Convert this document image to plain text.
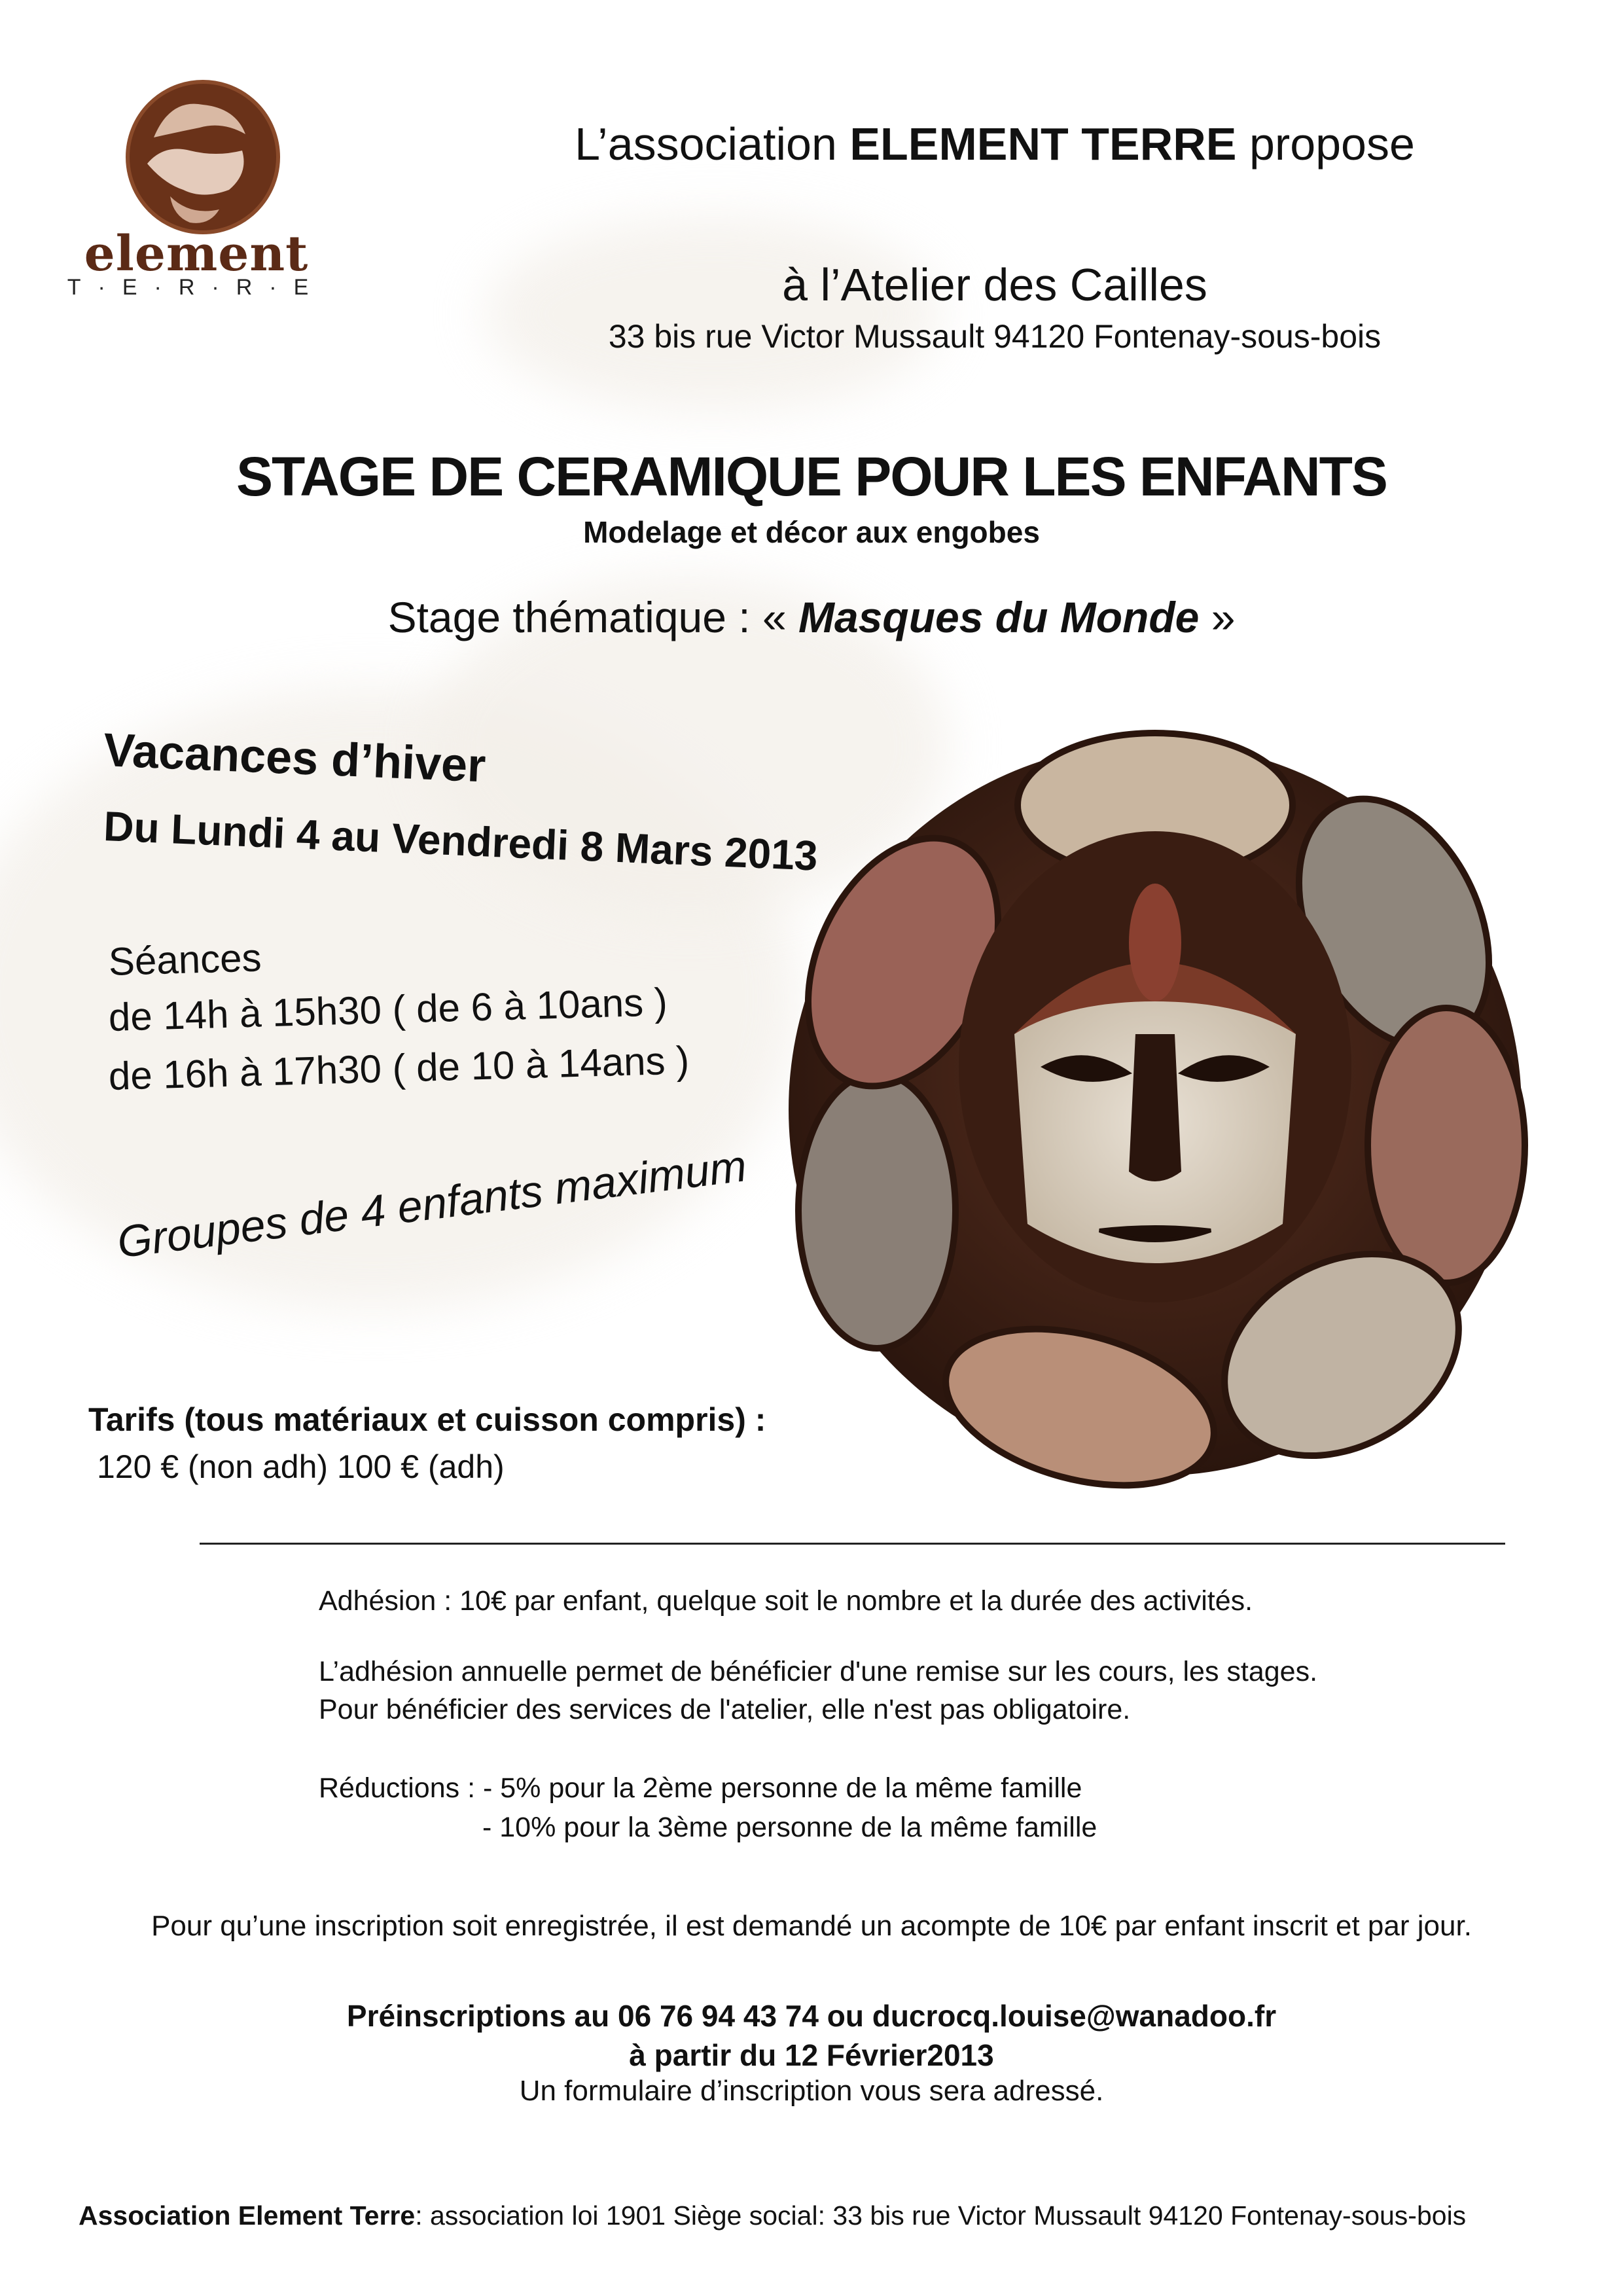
element
T·E·R·R·E
L’association ELEMENT TERRE propose
à l’Atelier des Cailles
33 bis rue Victor Mussault 94120 Fontenay-sous-bois
STAGE DE CERAMIQUE POUR LES ENFANTS
Modelage et décor aux engobes
Stage thématique : « Masques du Monde »
Vacances d’hiver
Du Lundi 4 au Vendredi 8 Mars 2013
Séances
de 14h à 15h30 ( de 6 à 10ans )
de 16h à 17h30 ( de 10 à 14ans )
Groupes de 4 enfants maximum
Tarifs (tous matériaux et cuisson compris) :
120 € (non adh) 100 € (adh)
Adhésion : 10€ par enfant, quelque soit le nombre et la durée des activités.
L’adhésion annuelle permet de bénéficier d'une remise sur les cours, les stages.
Pour bénéficier des services de l'atelier, elle n'est pas obligatoire.
Réductions : - 5% pour la 2ème personne de la même famille
- 10% pour la 3ème personne de la même famille
Pour qu’une inscription soit enregistrée, il est demandé un acompte de 10€ par enfant inscrit et par jour.
Préinscriptions au 06 76 94 43 74 ou ducrocq.louise@wanadoo.fr
à partir du 12 Février2013
Un formulaire d’inscription vous sera adressé.
Association Element Terre: association loi 1901 Siège social: 33 bis rue Victor Mussault 94120 Fontenay-sous-bois
